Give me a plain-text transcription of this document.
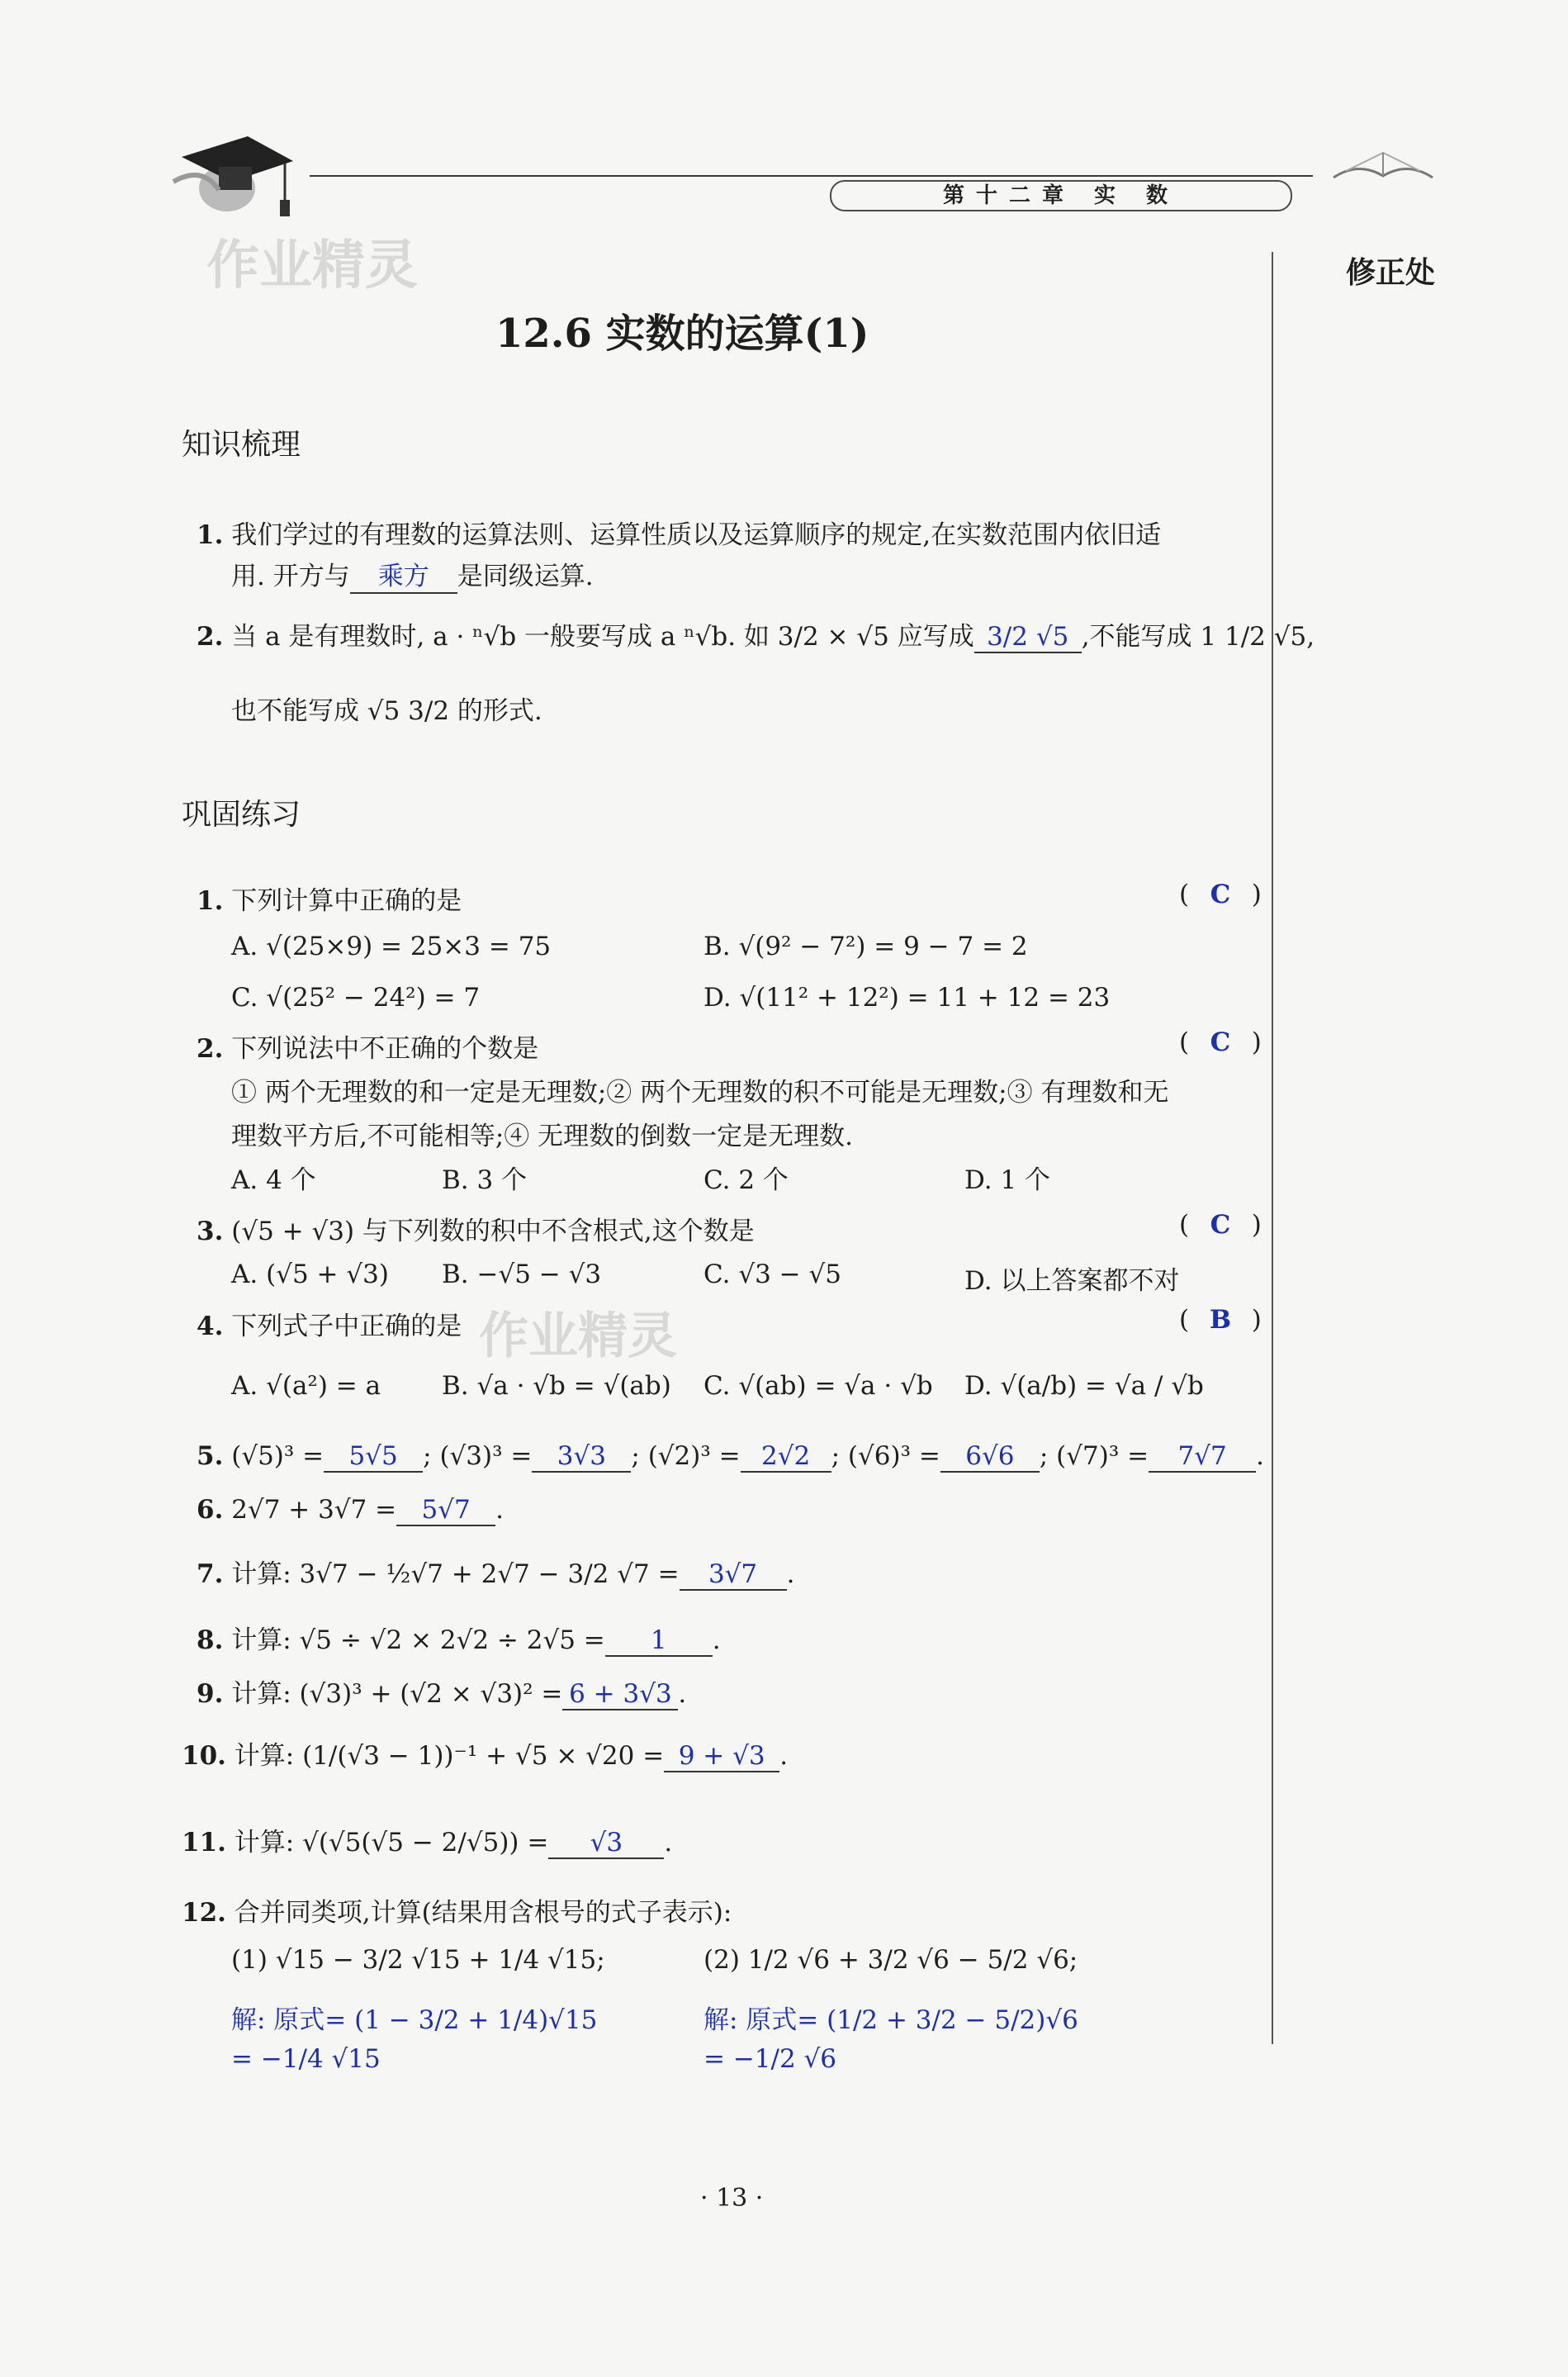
作业精灵
第十二章 实 数
修正处
12.6 实数的运算(1)
知识梳理
1. 我们学过的有理数的运算法则、运算性质以及运算顺序的规定,在实数范围内依旧适
用. 开方与 乘方 是同级运算.
2. 当 a 是有理数时, a · ⁿ√b 一般要写成 a ⁿ√b. 如 3/2 × √5 应写成 3/2 √5 ,不能写成 1 1/2 √5,
也不能写成 √5 3/2 的形式.
巩固练习
1. 下列计算中正确的是	( C )
A. √(25×9) = 25×3 = 75	B. √(9² − 7²) = 9 − 7 = 2
C. √(25² − 24²) = 7	D. √(11² + 12²) = 11 + 12 = 23
2. 下列说法中不正确的个数是	( C )
① 两个无理数的和一定是无理数;② 两个无理数的积不可能是无理数;③ 有理数和无
理数平方后,不可能相等;④ 无理数的倒数一定是无理数.
A. 4 个	B. 3 个	C. 2 个	D. 1 个
3. (√5 + √3) 与下列数的积中不含根式,这个数是	( C )
A. (√5 + √3) B. −√5 − √3	C. √3 − √5	D. 以上答案都不对
4. 下列式子中正确的是	( B )
作业精灵
A. √(a²) = a B. √a · √b = √(ab) C. √(ab) = √a · √b D. √(a/b) = √a / √b
5. (√5)³ = 5√5 ; (√3)³ = 3√3 ; (√2)³ = 2√2 ; (√6)³ = 6√6 ; (√7)³ = 7√7 .
6. 2√7 + 3√7 = 5√7 .
7. 计算: 3√7 − ½√7 + 2√7 − 3/2 √7 = 3√7 .
8. 计算: √5 ÷ √2 × 2√2 ÷ 2√5 = 1 .
9. 计算: (√3)³ + (√2 × √3)² = 6 + 3√3 .
10. 计算: (1/(√3 − 1))⁻¹ + √5 × √20 = 9 + √3 .
11. 计算: √(√5(√5 − 2/√5)) = √3 .
12. 合并同类项,计算(结果用含根号的式子表示):
(1) √15 − 3/2 √15 + 1/4 √15;	(2) 1/2 √6 + 3/2 √6 − 5/2 √6;
解: 原式= (1 − 3/2 + 1/4)√15
= −1/4 √15
解: 原式= (1/2 + 3/2 − 5/2)√6
= −1/2 √6
· 13 ·
